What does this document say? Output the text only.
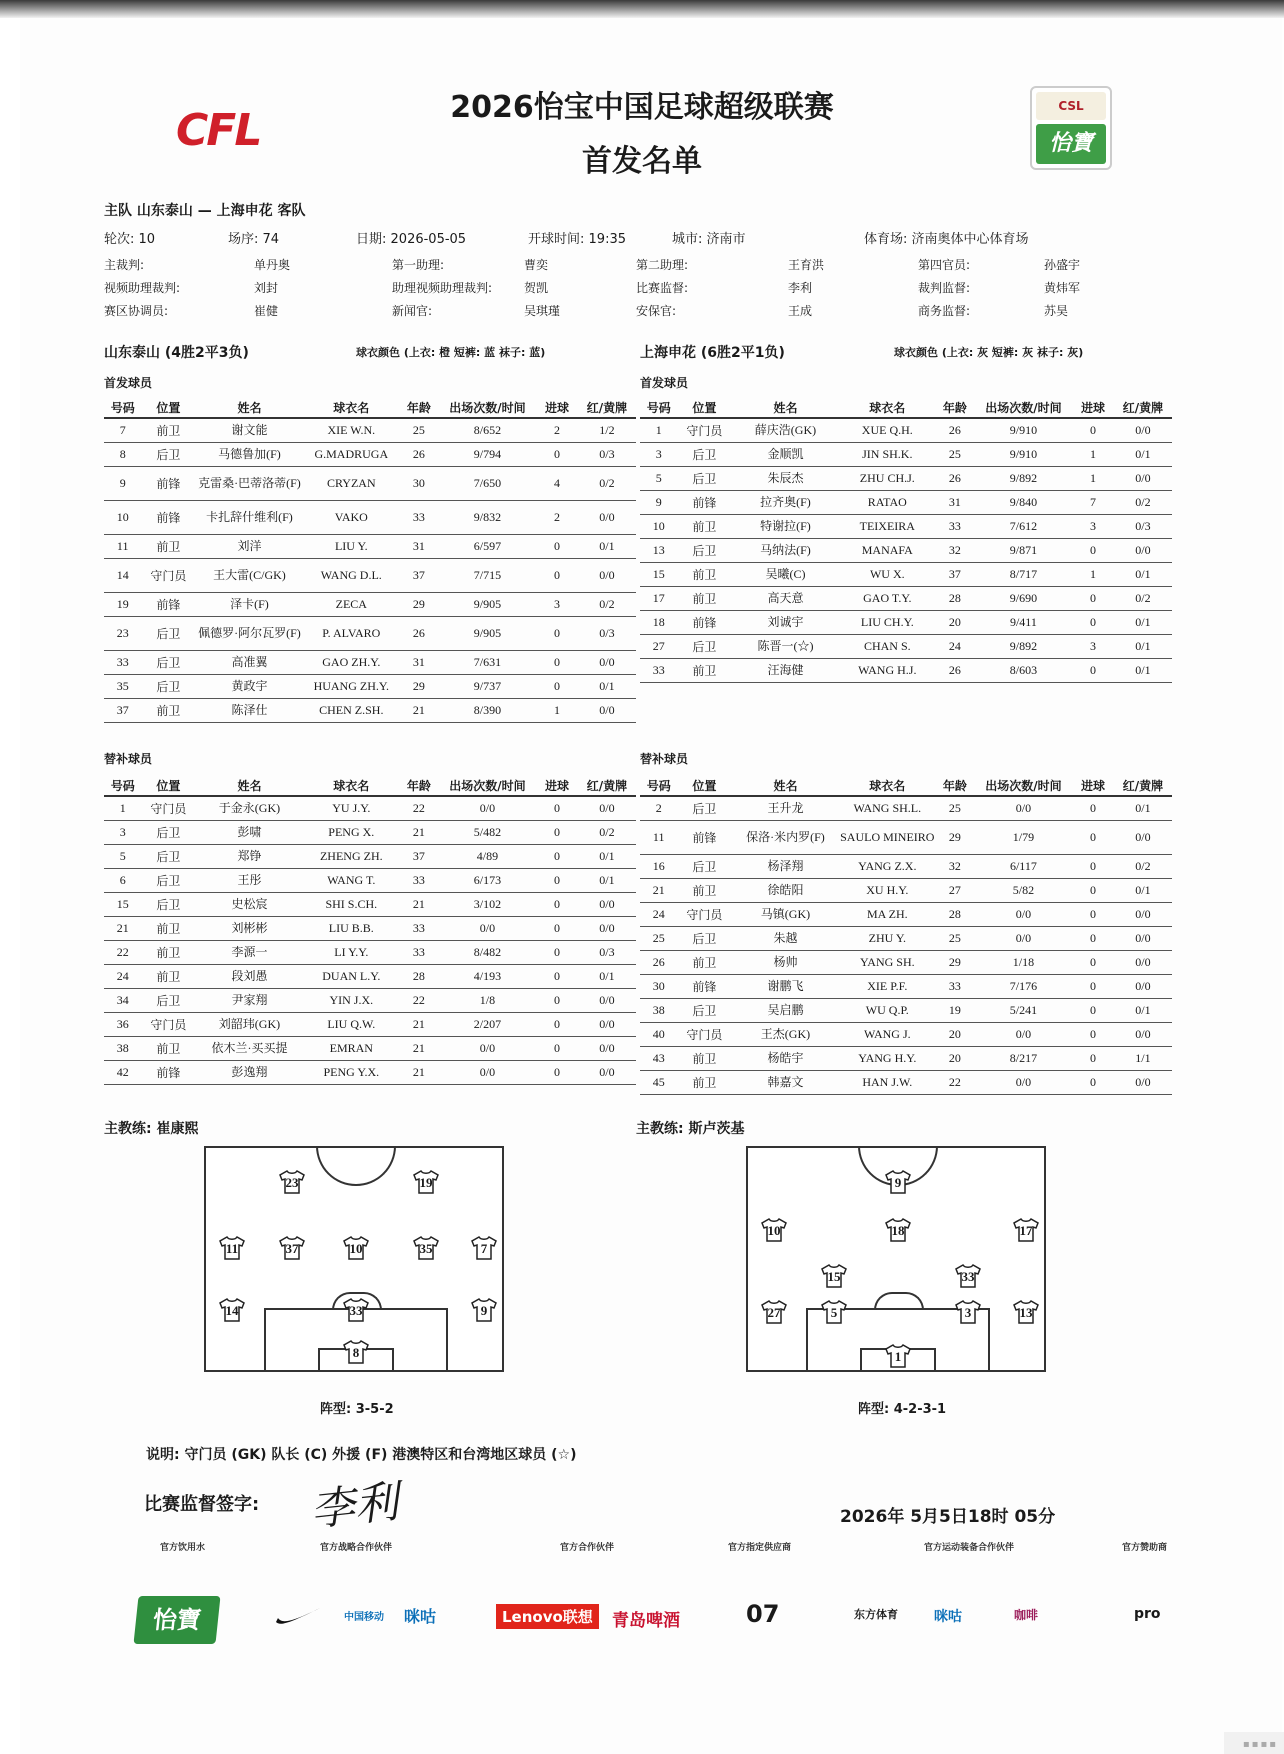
CFL	CSL
怡寶
2026怡宝中国足球超级联赛
首发名单
主队 山东泰山 — 上海申花 客队
轮次: 10	场序: 74	日期: 2026-05-05	开球时间: 19:35	城市: 济南市	体育场: 济南奥体中心体育场
主裁判:	单丹奥	第一助理:	曹奕	第二助理:	王育洪	第四官员:	孙盛宇
视频助理裁判:	刘封	助理视频助理裁判:	贺凯	比赛监督:	李利	裁判监督:	黄炜军
赛区协调员:	崔健	新闻官:	吴琪瑾	安保官:	王成	商务监督:	苏昊
山东泰山 (4胜2平3负)	球衣颜色 (上衣: 橙 短裤: 蓝 袜子: 蓝)	上海申花 (6胜2平1负)	球衣颜色 (上衣: 灰 短裤: 灰 袜子: 灰)
首发球员	首发球员
替补球员	替补球员
号码	位置	姓名	球衣名	年龄	出场次数/时间	进球	红/黄牌
7	前卫	谢文能	XIE W.N.	25	8/652	2	1/2
8	后卫	马德鲁加(F)	G.MADRUGA	26	9/794	0	0/3
9	前锋	克雷桑·巴蒂洛蒂(F)	CRYZAN	30	7/650	4	0/2
10	前锋	卡扎辞什维利(F)	VAKO	33	9/832	2	0/0
11	前卫	刘洋	LIU Y.	31	6/597	0	0/1
14	守门员	王大雷(C/GK)	WANG D.L.	37	7/715	0	0/0
19	前锋	泽卡(F)	ZECA	29	9/905	3	0/2
23	后卫	佩德罗·阿尔瓦罗(F)	P. ALVARO	26	9/905	0	0/3
33	后卫	高准翼	GAO ZH.Y.	31	7/631	0	0/0
35	后卫	黄政宇	HUANG ZH.Y.	29	9/737	0	0/1
37	前卫	陈泽仕	CHEN Z.SH.	21	8/390	1	0/0
号码	位置	姓名	球衣名	年龄	出场次数/时间	进球	红/黄牌
1	守门员	薛庆浩(GK)	XUE Q.H.	26	9/910	0	0/0
3	后卫	金顺凯	JIN SH.K.	25	9/910	1	0/1
5	后卫	朱辰杰	ZHU CH.J.	26	9/892	1	0/0
9	前锋	拉齐奥(F)	RATAO	31	9/840	7	0/2
10	前卫	特谢拉(F)	TEIXEIRA	33	7/612	3	0/3
13	后卫	马纳法(F)	MANAFA	32	9/871	0	0/0
15	前卫	吴曦(C)	WU X.	37	8/717	1	0/1
17	前卫	高天意	GAO T.Y.	28	9/690	0	0/2
18	前锋	刘诚宇	LIU CH.Y.	20	9/411	0	0/1
27	后卫	陈晋一(☆)	CHAN S.	24	9/892	3	0/1
33	前卫	汪海健	WANG H.J.	26	8/603	0	0/1
号码	位置	姓名	球衣名	年龄	出场次数/时间	进球	红/黄牌
1	守门员	于金永(GK)	YU J.Y.	22	0/0	0	0/0
3	后卫	彭啸	PENG X.	21	5/482	0	0/2
5	后卫	郑铮	ZHENG ZH.	37	4/89	0	0/1
6	后卫	王彤	WANG T.	33	6/173	0	0/1
15	后卫	史松宸	SHI S.CH.	21	3/102	0	0/0
21	前卫	刘彬彬	LIU B.B.	33	0/0	0	0/0
22	前卫	李源一	LI Y.Y.	33	8/482	0	0/3
24	前卫	段刘愚	DUAN L.Y.	28	4/193	0	0/1
34	后卫	尹家翔	YIN J.X.	22	1/8	0	0/0
36	守门员	刘韶玮(GK)	LIU Q.W.	21	2/207	0	0/0
38	前卫	依木兰·买买提	EMRAN	21	0/0	0	0/0
42	前锋	彭逸翔	PENG Y.X.	21	0/0	0	0/0
号码	位置	姓名	球衣名	年龄	出场次数/时间	进球	红/黄牌
2	后卫	王升龙	WANG SH.L.	25	0/0	0	0/1
11	前锋	保洛·米内罗(F)	SAULO MINEIRO	29	1/79	0	0/0
16	后卫	杨泽翔	YANG Z.X.	32	6/117	0	0/2
21	前卫	徐皓阳	XU H.Y.	27	5/82	0	0/1
24	守门员	马镇(GK)	MA ZH.	28	0/0	0	0/0
25	后卫	朱越	ZHU Y.	25	0/0	0	0/0
26	前卫	杨帅	YANG SH.	29	1/18	0	0/0
30	前锋	谢鹏飞	XIE P.F.	33	7/176	0	0/0
38	后卫	吴启鹏	WU Q.P.	19	5/241	0	0/1
40	守门员	王杰(GK)	WANG J.	20	0/0	0	0/0
43	前卫	杨皓宇	YANG H.Y.	20	8/217	0	1/1
45	前卫	韩嘉文	HAN J.W.	22	0/0	0	0/0
主教练: 崔康熙	主教练: 斯卢茨基
23	19
11	37	10	35	7
14	33	9
8
9
10	18	17
15	33
27	5	3	13
1
阵型: 3-5-2	阵型: 4-2-3-1
说明: 守门员 (GK) 队长 (C) 外援 (F) 港澳特区和台湾地区球员 (☆)
比赛监督签字: 李利	2026年 5月5日18时 05分
官方饮用水	官方战略合作伙伴	官方合作伙伴	官方指定供应商	官方运动装备合作伙伴	官方赞助商
怡寶	中国移动 咪咕	Lenovo联想	青岛啤酒	07	东方体育	咪咕	咖啡	pro
▪▪▪▪
